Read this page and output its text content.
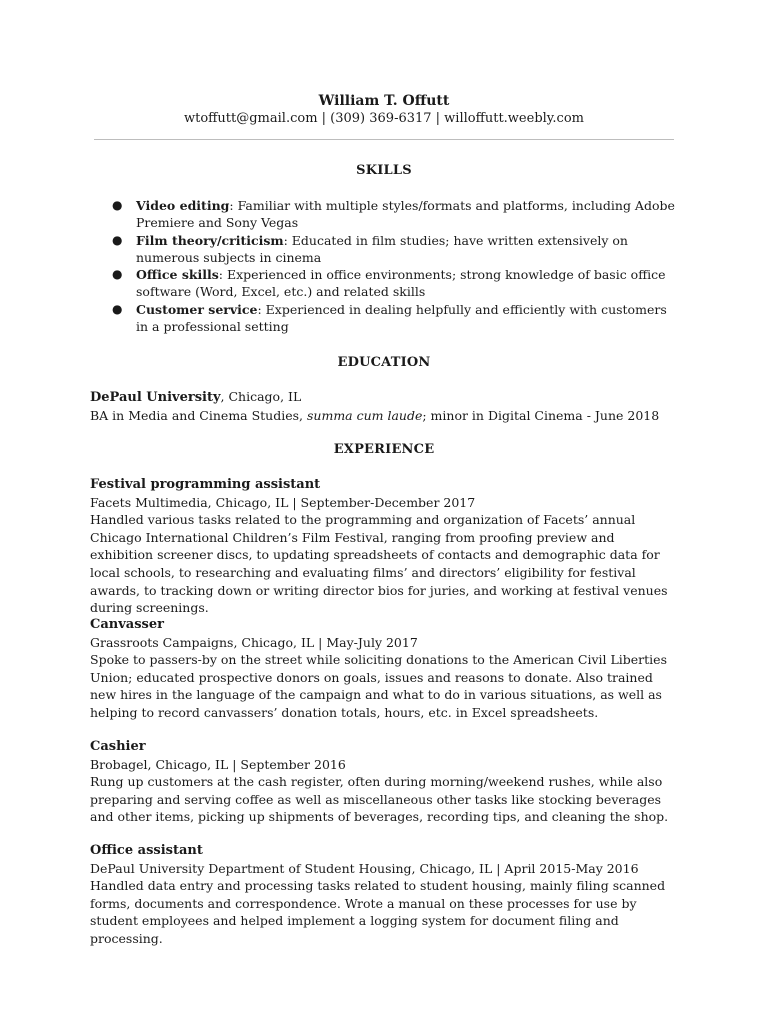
William T. Offutt
wtoffutt@gmail.com | (309) 369-6317 | willoffutt.weebly.com
SKILLS
● Video editing: Familiar with multiple styles/formats and platforms, including Adobe Premiere and Sony Vegas
● Film theory/criticism: Educated in film studies; have written extensively on numerous subjects in cinema
● Office skills: Experienced in office environments; strong knowledge of basic office software (Word, Excel, etc.) and related skills
● Customer service: Experienced in dealing helpfully and efficiently with customers in a professional setting
EDUCATION

DePaul University, Chicago, IL

BA in Media and Cinema Studies, summa cum laude; minor in Digital Cinema - June 2018

EXPERIENCE

Festival programming assistant

Facets Multimedia, Chicago, IL | September-December 2017

Handled various tasks related to the programming and organization of Facets’ annual Chicago International Children’s Film Festival, ranging from proofing preview and exhibition screener discs, to updating spreadsheets of contacts and demographic data for local schools, to researching and evaluating films’ and directors’ eligibility for festival awards, to tracking down or writing director bios for juries, and working at festival venues during screenings.

Canvasser

Grassroots Campaigns, Chicago, IL | May-July 2017

Spoke to passers-by on the street while soliciting donations to the American Civil Liberties Union; educated prospective donors on goals, issues and reasons to donate. Also trained new hires in the language of the campaign and what to do in various situations, as well as helping to record canvassers’ donation totals, hours, etc. in Excel spreadsheets.

Cashier

Brobagel, Chicago, IL | September 2016

Rung up customers at the cash register, often during morning/weekend rushes, while also preparing and serving coffee as well as miscellaneous other tasks like stocking beverages and other items, picking up shipments of beverages, recording tips, and cleaning the shop.

Office assistant

DePaul University Department of Student Housing, Chicago, IL | April 2015-May 2016

Handled data entry and processing tasks related to student housing, mainly filing scanned forms, documents and correspondence. Wrote a manual on these processes for use by student employees and helped implement a logging system for document filing and processing.
